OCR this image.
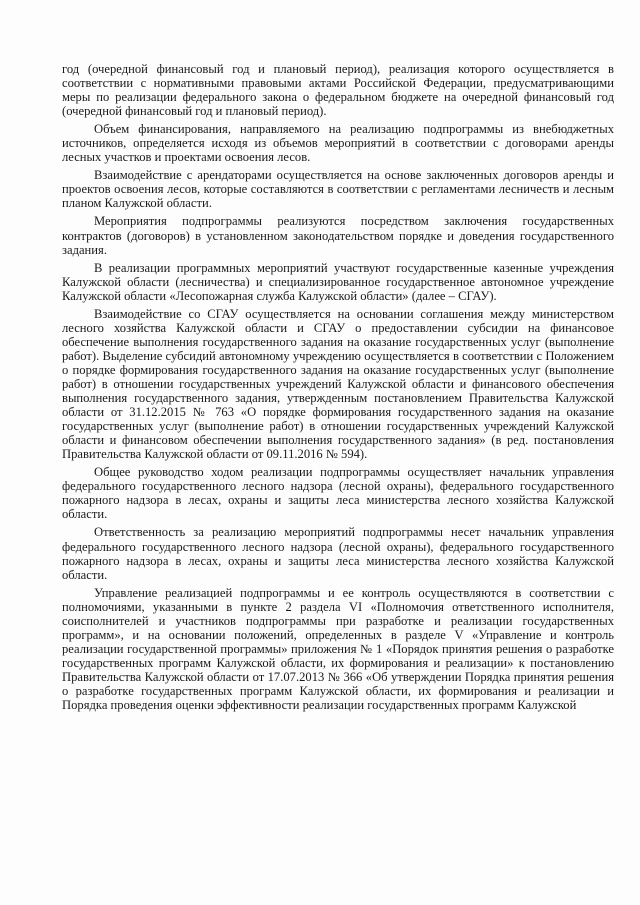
год (очередной финансовый год и плановый период), реализация которого осуществляется в соответствии с нормативными правовыми актами Российской Федерации, предусматривающими меры по реализации федерального закона о федеральном бюджете на очередной финансовый год (очередной финансовый год и плановый период).

Объем финансирования, направляемого на реализацию подпрограммы из внебюджетных источников, определяется исходя из объемов мероприятий в соответствии с договорами аренды лесных участков и проектами освоения лесов.

Взаимодействие с арендаторами осуществляется на основе заключенных договоров аренды и проектов освоения лесов, которые составляются в соответствии с регламентами лесничеств и лесным планом Калужской области.

Мероприятия подпрограммы реализуются посредством заключения государственных контрактов (договоров) в установленном законодательством порядке и доведения государственного задания.

В реализации программных мероприятий участвуют государственные казенные учреждения Калужской области (лесничества) и специализированное государственное автономное учреждение Калужской области «Лесопожарная служба Калужской области» (далее – СГАУ).

Взаимодействие со СГАУ осуществляется на основании соглашения между министерством лесного хозяйства Калужской области и СГАУ о предоставлении субсидии на финансовое обеспечение выполнения государственного задания на оказание государственных услуг (выполнение работ). Выделение субсидий автономному учреждению осуществляется в соответствии с Положением о порядке формирования государственного задания на оказание государственных услуг (выполнение работ) в отношении государственных учреждений Калужской области и финансового обеспечения выполнения государственного задания, утвержденным постановлением Правительства Калужской области от 31.12.2015 № 763 «О порядке формирования государственного задания на оказание государственных услуг (выполнение работ) в отношении государственных учреждений Калужской области и финансовом обеспечении выполнения государственного задания» (в ред. постановления Правительства Калужской области от 09.11.2016 № 594).

Общее руководство ходом реализации подпрограммы осуществляет начальник управления федерального государственного лесного надзора (лесной охраны), федерального государственного пожарного надзора в лесах, охраны и защиты леса министерства лесного хозяйства Калужской области.

Ответственность за реализацию мероприятий подпрограммы несет начальник управления федерального государственного лесного надзора (лесной охраны), федерального государственного пожарного надзора в лесах, охраны и защиты леса министерства лесного хозяйства Калужской области.

Управление реализацией подпрограммы и ее контроль осуществляются в соответствии с полномочиями, указанными в пункте 2 раздела VI «Полномочия ответственного исполнителя, соисполнителей и участников подпрограммы при разработке и реализации государственных программ», и на основании положений, определенных в разделе V «Управление и контроль реализации государственной программы» приложения № 1 «Порядок принятия решения о разработке государственных программ Калужской области, их формирования и реализации» к постановлению Правительства Калужской области от 17.07.2013 № 366 «Об утверждении Порядка принятия решения о разработке государственных программ Калужской области, их формирования и реализации и Порядка проведения оценки эффективности реализации государственных программ Калужской
